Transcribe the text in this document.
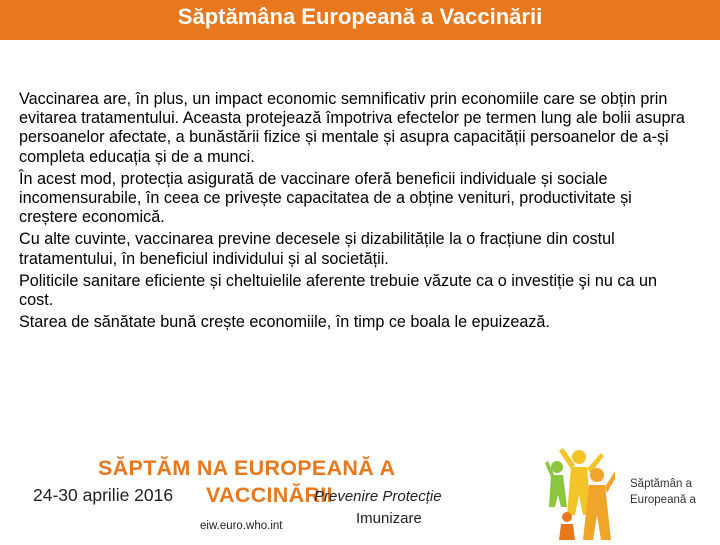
Săptămâna Europeană a Vaccinării

Vaccinarea are, în plus, un impact economic semnificativ prin economiile care se obțin prin evitarea tratamentului. Aceasta protejează împotriva efectelor pe termen lung ale bolii asupra persoanelor afectate, a bunăstării fizice și mentale și asupra capacității persoanelor de a-și completa educația și de a munci.

În acest mod, protecția asigurată de vaccinare oferă beneficii individuale și sociale incomensurabile, în ceea ce privește capacitatea de a obține venituri, productivitate și creștere economică.

Cu alte cuvinte, vaccinarea previne decesele și dizabilitățile la o fracțiune din costul tratamentului, în beneficiul individului și al societății.

Politicile sanitare eficiente și cheltuielile aferente trebuie văzute ca o investiție şi nu ca un cost.

Starea de sănătate bună crește economiile, în timp ce boala le epuizează.

SĂPTĂM NA EUROPEANĂ A
24-30 aprilie 2016 VACCINĂRII
Prevenire Protecție
Imunizare
eiw.euro.who.int
Săptămân a Europeană a
